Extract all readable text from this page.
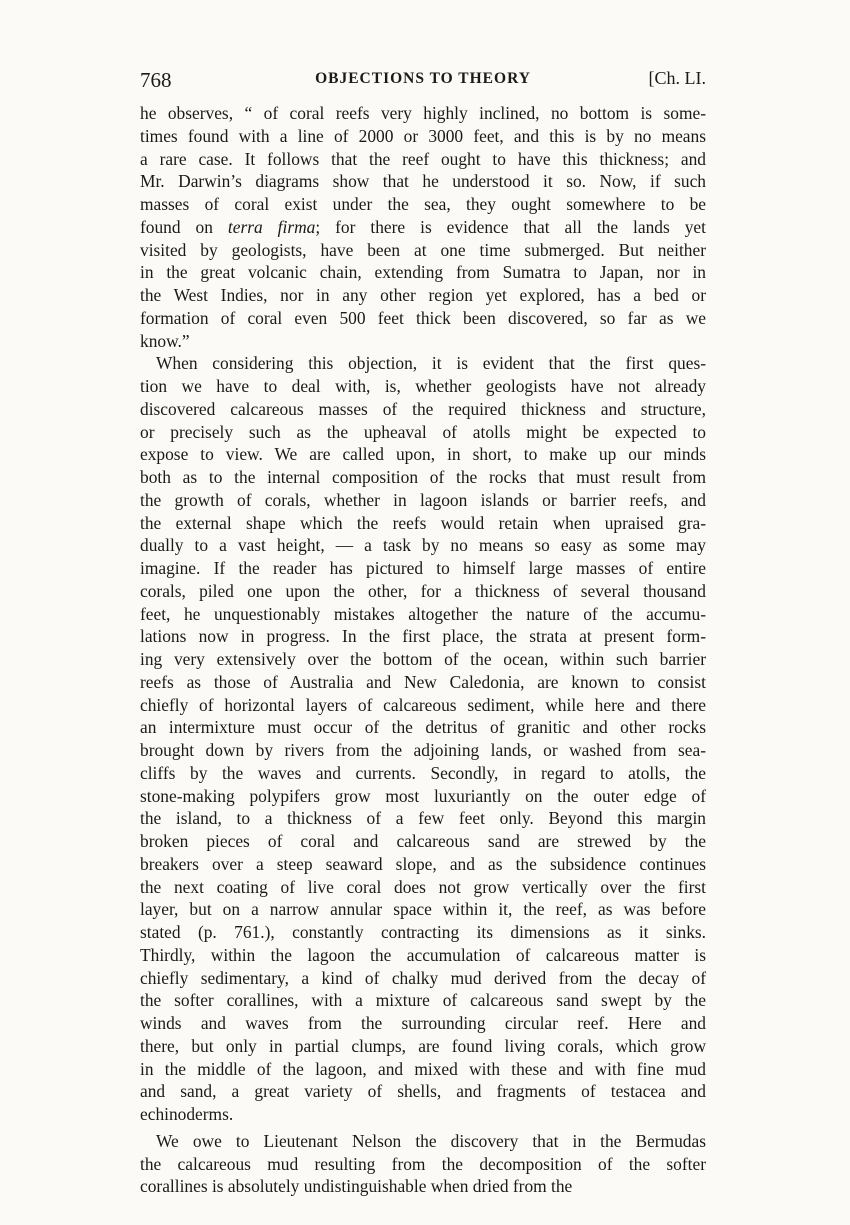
768	OBJECTIONS TO THEORY	[Ch. LI.
he observes, “ of coral reefs very highly inclined, no bottom is some-
times found with a line of 2000 or 3000 feet, and this is by no means
a rare case. It follows that the reef ought to have this thickness; and
Mr. Darwin’s diagrams show that he understood it so. Now, if such
masses of coral exist under the sea, they ought somewhere to be
found on terra firma; for there is evidence that all the lands yet
visited by geologists, have been at one time submerged. But neither
in the great volcanic chain, extending from Sumatra to Japan, nor in
the West Indies, nor in any other region yet explored, has a bed or
formation of coral even 500 feet thick been discovered, so far as we
know.”
When considering this objection, it is evident that the first ques-
tion we have to deal with, is, whether geologists have not already
discovered calcareous masses of the required thickness and structure,
or precisely such as the upheaval of atolls might be expected to
expose to view. We are called upon, in short, to make up our minds
both as to the internal composition of the rocks that must result from
the growth of corals, whether in lagoon islands or barrier reefs, and
the external shape which the reefs would retain when upraised gra-
dually to a vast height, — a task by no means so easy as some may
imagine. If the reader has pictured to himself large masses of entire
corals, piled one upon the other, for a thickness of several thousand
feet, he unquestionably mistakes altogether the nature of the accumu-
lations now in progress. In the first place, the strata at present form-
ing very extensively over the bottom of the ocean, within such barrier
reefs as those of Australia and New Caledonia, are known to consist
chiefly of horizontal layers of calcareous sediment, while here and there
an intermixture must occur of the detritus of granitic and other rocks
brought down by rivers from the adjoining lands, or washed from sea-
cliffs by the waves and currents. Secondly, in regard to atolls, the
stone-making polypifers grow most luxuriantly on the outer edge of
the island, to a thickness of a few feet only. Beyond this margin
broken pieces of coral and calcareous sand are strewed by the
breakers over a steep seaward slope, and as the subsidence continues
the next coating of live coral does not grow vertically over the first
layer, but on a narrow annular space within it, the reef, as was before
stated (p. 761.), constantly contracting its dimensions as it sinks.
Thirdly, within the lagoon the accumulation of calcareous matter is
chiefly sedimentary, a kind of chalky mud derived from the decay of
the softer corallines, with a mixture of calcareous sand swept by the
winds and waves from the surrounding circular reef. Here and
there, but only in partial clumps, are found living corals, which grow
in the middle of the lagoon, and mixed with these and with fine mud
and sand, a great variety of shells, and fragments of testacea and
echinoderms.
We owe to Lieutenant Nelson the discovery that in the Bermudas
the calcareous mud resulting from the decomposition of the softer
corallines is absolutely undistinguishable when dried from the
